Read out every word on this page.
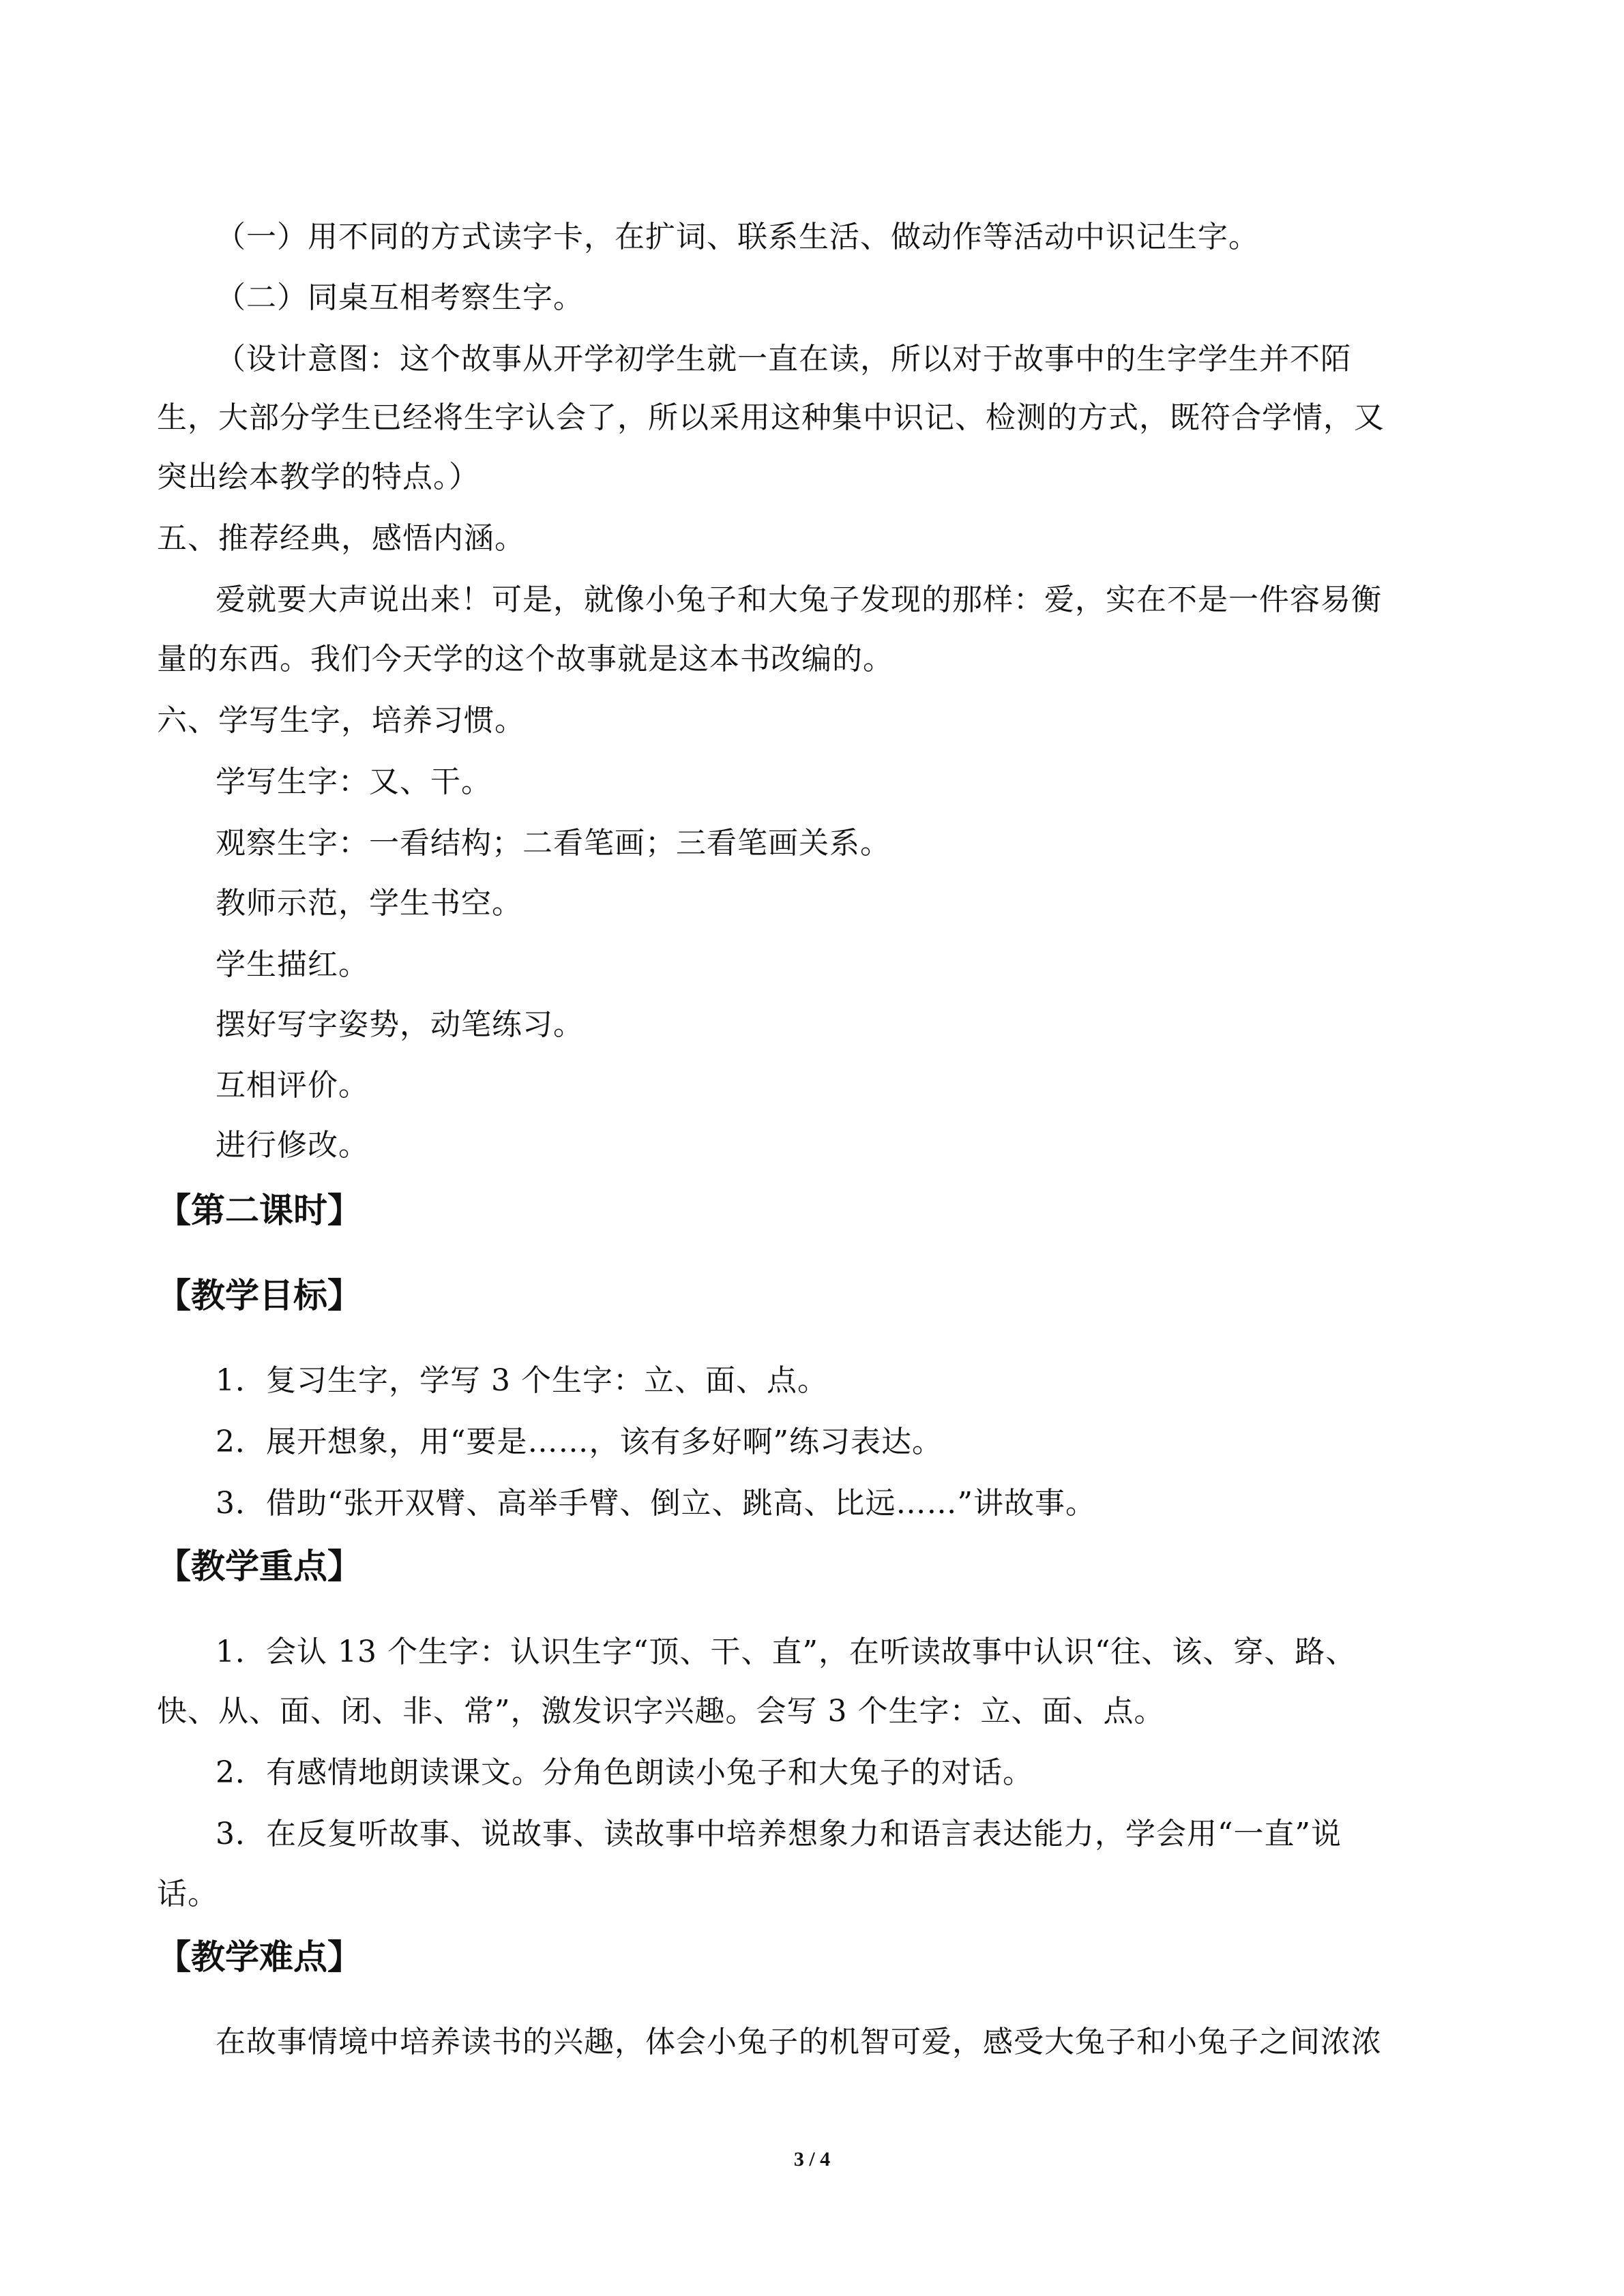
（一）用不同的方式读字卡，在扩词、联系生活、做动作等活动中识记生字。
（二）同桌互相考察生字。
（设计意图：这个故事从开学初学生就一直在读，所以对于故事中的生字学生并不陌
生，大部分学生已经将生字认会了，所以采用这种集中识记、检测的方式，既符合学情，又
突出绘本教学的特点。）
五、推荐经典，感悟内涵。
爱就要大声说出来！可是，就像小兔子和大兔子发现的那样：爱，实在不是一件容易衡
量的东西。我们今天学的这个故事就是这本书改编的。
六、学写生字，培养习惯。
学写生字：又、干。
观察生字：一看结构；二看笔画；三看笔画关系。
教师示范，学生书空。
学生描红。
摆好写字姿势，动笔练习。
互相评价。
进行修改。
【第二课时】
【教学目标】
1．复习生字，学写 3 个生字：立、面、点。
2．展开想象，用“要是……，该有多好啊”练习表达。
3．借助“张开双臂、高举手臂、倒立、跳高、比远……”讲故事。
【教学重点】
1．会认 13 个生字：认识生字“顶、干、直”，在听读故事中认识“往、该、穿、路、
快、从、面、闭、非、常”，激发识字兴趣。会写 3 个生字：立、面、点。
2．有感情地朗读课文。分角色朗读小兔子和大兔子的对话。
3．在反复听故事、说故事、读故事中培养想象力和语言表达能力，学会用“一直”说
话。
【教学难点】
在故事情境中培养读书的兴趣，体会小兔子的机智可爱，感受大兔子和小兔子之间浓浓
3 / 4
